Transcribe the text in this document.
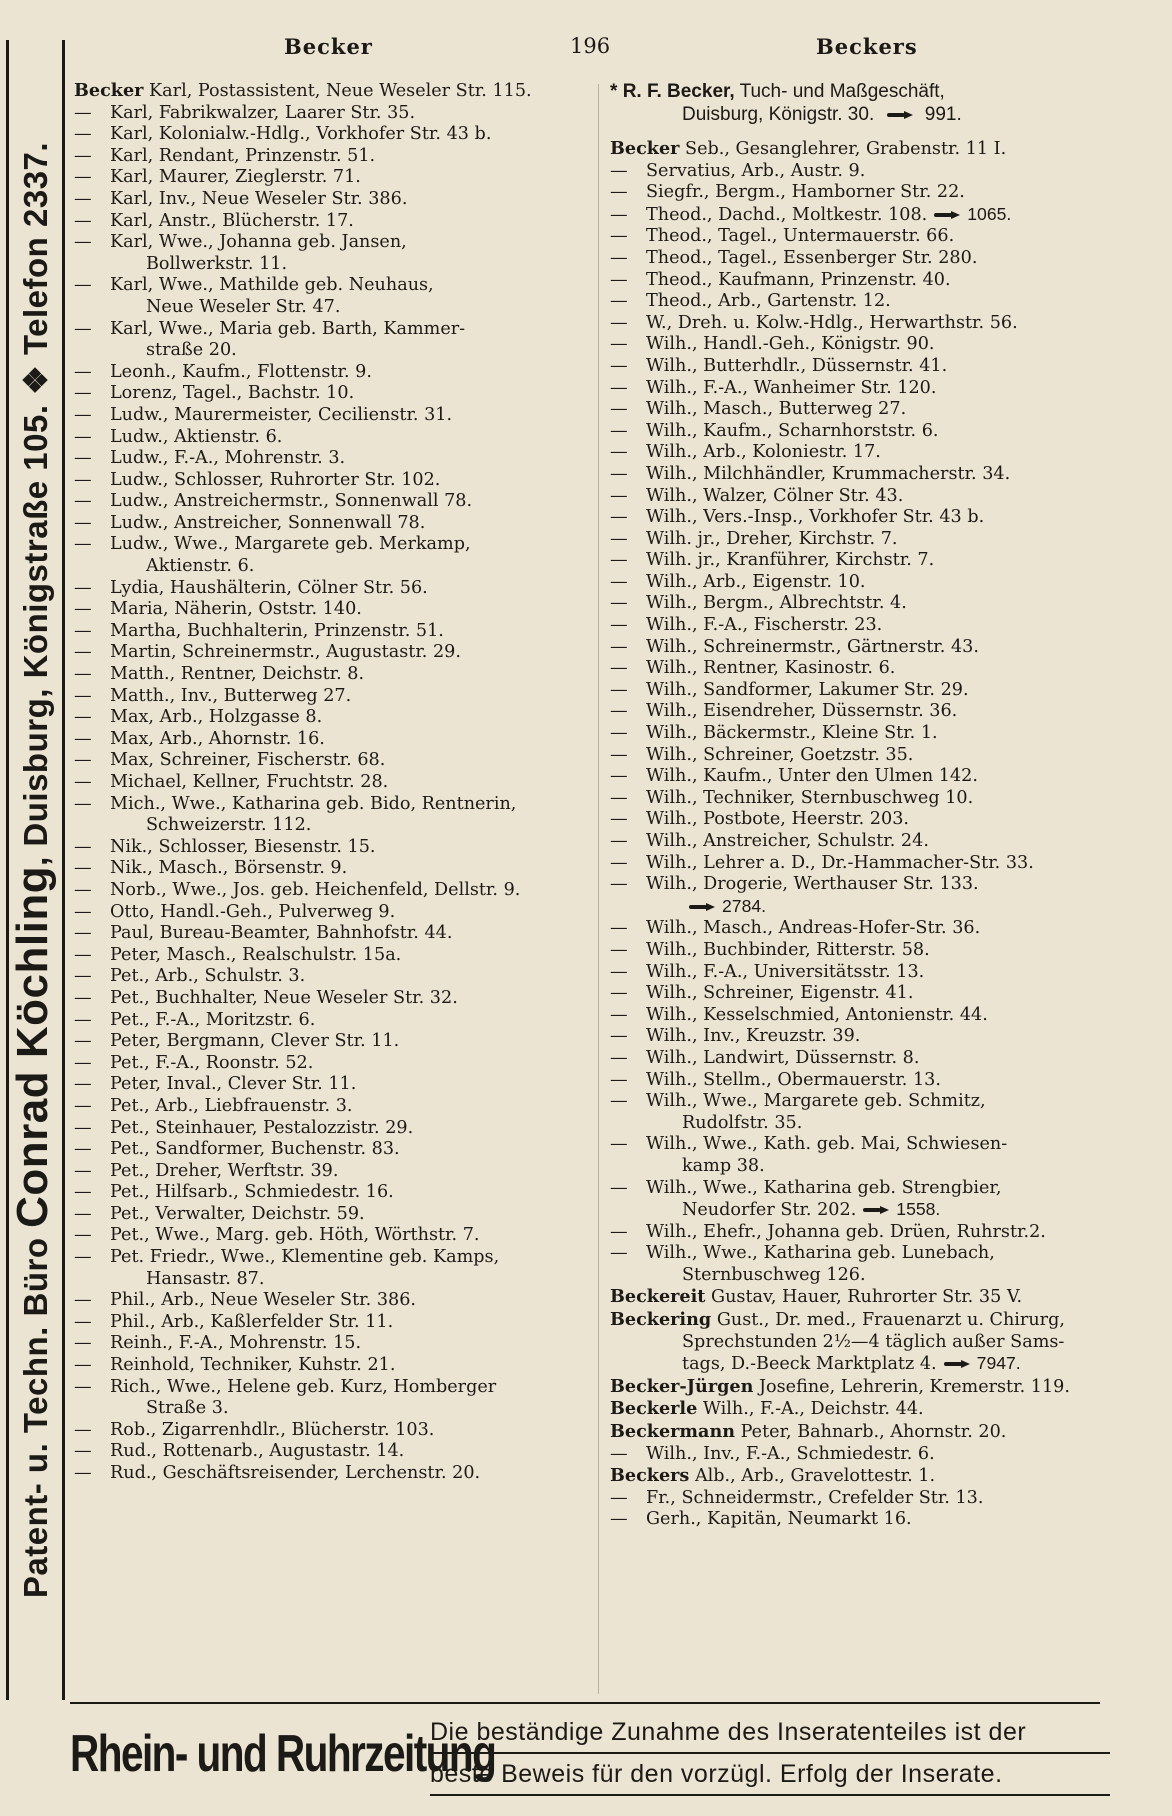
Patent- u. Techn. Büro Conrad Köchling, Duisburg, Königstraße 105. ❖ Telefon 2337.
Becker	196	Beckers
Becker Karl, Postassistent, Neue Weseler Str. 115.
— Karl, Fabrikwalzer, Laarer Str. 35.
— Karl, Kolonialw.-Hdlg., Vorkhofer Str. 43 b.
— Karl, Rendant, Prinzenstr. 51.
— Karl, Maurer, Zieglerstr. 71.
— Karl, Inv., Neue Weseler Str. 386.
— Karl, Anstr., Blücherstr. 17.
— Karl, Wwe., Johanna geb. Jansen,
Bollwerkstr. 11.
— Karl, Wwe., Mathilde geb. Neuhaus,
Neue Weseler Str. 47.
— Karl, Wwe., Maria geb. Barth, Kammer-
straße 20.
— Leonh., Kaufm., Flottenstr. 9.
— Lorenz, Tagel., Bachstr. 10.
— Ludw., Maurermeister, Cecilienstr. 31.
— Ludw., Aktienstr. 6.
— Ludw., F.-A., Mohrenstr. 3.
— Ludw., Schlosser, Ruhrorter Str. 102.
— Ludw., Anstreichermstr., Sonnenwall 78.
— Ludw., Anstreicher, Sonnenwall 78.
— Ludw., Wwe., Margarete geb. Merkamp,
Aktienstr. 6.
— Lydia, Haushälterin, Cölner Str. 56.
— Maria, Näherin, Oststr. 140.
— Martha, Buchhalterin, Prinzenstr. 51.
— Martin, Schreinermstr., Augustastr. 29.
— Matth., Rentner, Deichstr. 8.
— Matth., Inv., Butterweg 27.
— Max, Arb., Holzgasse 8.
— Max, Arb., Ahornstr. 16.
— Max, Schreiner, Fischerstr. 68.
— Michael, Kellner, Fruchtstr. 28.
— Mich., Wwe., Katharina geb. Bido, Rentnerin,
Schweizerstr. 112.
— Nik., Schlosser, Biesenstr. 15.
— Nik., Masch., Börsenstr. 9.
— Norb., Wwe., Jos. geb. Heichenfeld, Dellstr. 9.
— Otto, Handl.-Geh., Pulverweg 9.
— Paul, Bureau-Beamter, Bahnhofstr. 44.
— Peter, Masch., Realschulstr. 15a.
— Pet., Arb., Schulstr. 3.
— Pet., Buchhalter, Neue Weseler Str. 32.
— Pet., F.-A., Moritzstr. 6.
— Peter, Bergmann, Clever Str. 11.
— Pet., F.-A., Roonstr. 52.
— Peter, Inval., Clever Str. 11.
— Pet., Arb., Liebfrauenstr. 3.
— Pet., Steinhauer, Pestalozzistr. 29.
— Pet., Sandformer, Buchenstr. 83.
— Pet., Dreher, Werftstr. 39.
— Pet., Hilfsarb., Schmiedestr. 16.
— Pet., Verwalter, Deichstr. 59.
— Pet., Wwe., Marg. geb. Höth, Wörthstr. 7.
— Pet. Friedr., Wwe., Klementine geb. Kamps,
Hansastr. 87.
— Phil., Arb., Neue Weseler Str. 386.
— Phil., Arb., Kaßlerfelder Str. 11.
— Reinh., F.-A., Mohrenstr. 15.
— Reinhold, Techniker, Kuhstr. 21.
— Rich., Wwe., Helene geb. Kurz, Homberger
Straße 3.
— Rob., Zigarrenhdlr., Blücherstr. 103.
— Rud., Rottenarb., Augustastr. 14.
— Rud., Geschäftsreisender, Lerchenstr. 20.
* R. F. Becker, Tuch- und Maßgeschäft,
Duisburg, Königstr. 30.	991.
Becker Seb., Gesanglehrer, Grabenstr. 11 I.
— Servatius, Arb., Austr. 9.
— Siegfr., Bergm., Hamborner Str. 22.
— Theod., Dachd., Moltkestr. 108. 1065.
— Theod., Tagel., Untermauerstr. 66.
— Theod., Tagel., Essenberger Str. 280.
— Theod., Kaufmann, Prinzenstr. 40.
— Theod., Arb., Gartenstr. 12.
— W., Dreh. u. Kolw.-Hdlg., Herwarthstr. 56.
— Wilh., Handl.-Geh., Königstr. 90.
— Wilh., Butterhdlr., Düssernstr. 41.
— Wilh., F.-A., Wanheimer Str. 120.
— Wilh., Masch., Butterweg 27.
— Wilh., Kaufm., Scharnhorststr. 6.
— Wilh., Arb., Koloniestr. 17.
— Wilh., Milchhändler, Krummacherstr. 34.
— Wilh., Walzer, Cölner Str. 43.
— Wilh., Vers.-Insp., Vorkhofer Str. 43 b.
— Wilh. jr., Dreher, Kirchstr. 7.
— Wilh. jr., Kranführer, Kirchstr. 7.
— Wilh., Arb., Eigenstr. 10.
— Wilh., Bergm., Albrechtstr. 4.
— Wilh., F.-A., Fischerstr. 23.
— Wilh., Schreinermstr., Gärtnerstr. 43.
— Wilh., Rentner, Kasinostr. 6.
— Wilh., Sandformer, Lakumer Str. 29.
— Wilh., Eisendreher, Düssernstr. 36.
— Wilh., Bäckermstr., Kleine Str. 1.
— Wilh., Schreiner, Goetzstr. 35.
— Wilh., Kaufm., Unter den Ulmen 142.
— Wilh., Techniker, Sternbuschweg 10.
— Wilh., Postbote, Heerstr. 203.
— Wilh., Anstreicher, Schulstr. 24.
— Wilh., Lehrer a. D., Dr.-Hammacher-Str. 33.
— Wilh., Drogerie, Werthauser Str. 133.
2784.
— Wilh., Masch., Andreas-Hofer-Str. 36.
— Wilh., Buchbinder, Ritterstr. 58.
— Wilh., F.-A., Universitätsstr. 13.
— Wilh., Schreiner, Eigenstr. 41.
— Wilh., Kesselschmied, Antonienstr. 44.
— Wilh., Inv., Kreuzstr. 39.
— Wilh., Landwirt, Düssernstr. 8.
— Wilh., Stellm., Obermauerstr. 13.
— Wilh., Wwe., Margarete geb. Schmitz,
Rudolfstr. 35.
— Wilh., Wwe., Kath. geb. Mai, Schwiesen-
kamp 38.
— Wilh., Wwe., Katharina geb. Strengbier,
Neudorfer Str. 202. 1558.
— Wilh., Ehefr., Johanna geb. Drüen, Ruhrstr.2.
— Wilh., Wwe., Katharina geb. Lunebach,
Sternbuschweg 126.
Beckereit Gustav, Hauer, Ruhrorter Str. 35 V.
Beckering Gust., Dr. med., Frauenarzt u. Chirurg,
Sprechstunden 2½—4 täglich außer Sams-
tags, D.-Beeck Marktplatz 4. 7947.
Becker-Jürgen Josefine, Lehrerin, Kremerstr. 119.
Beckerle Wilh., F.-A., Deichstr. 44.
Beckermann Peter, Bahnarb., Ahornstr. 20.
— Wilh., Inv., F.-A., Schmiedestr. 6.
Beckers Alb., Arb., Gravelottestr. 1.
— Fr., Schneidermstr., Crefelder Str. 13.
— Gerh., Kapitän, Neumarkt 16.
Rhein- und Ruhrzeitung
Die beständige Zunahme des Inseratenteiles ist der
beste Beweis für den vorzügl. Erfolg der Inserate.
